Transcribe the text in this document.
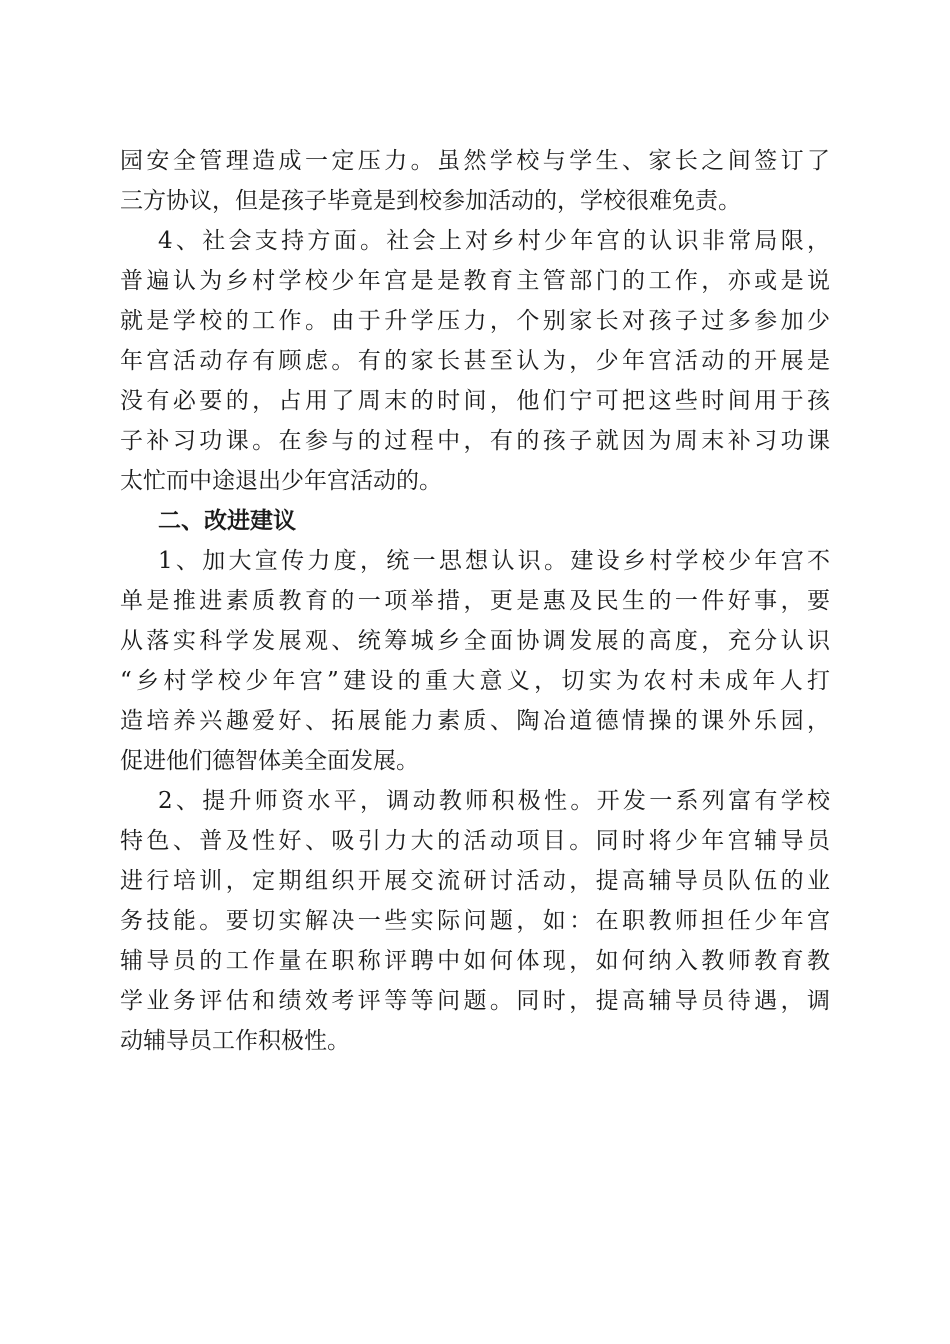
园安全管理造成一定压力。虽然学校与学生、家长之间签订了
三方协议，但是孩子毕竟是到校参加活动的，学校很难免责。
4、社会支持方面。社会上对乡村少年宫的认识非常局限，
普遍认为乡村学校少年宫是是教育主管部门的工作，亦或是说
就是学校的工作。由于升学压力，个别家长对孩子过多参加少
年宫活动存有顾虑。有的家长甚至认为，少年宫活动的开展是
没有必要的，占用了周末的时间，他们宁可把这些时间用于孩
子补习功课。在参与的过程中，有的孩子就因为周末补习功课
太忙而中途退出少年宫活动的。
二、改进建议
1、加大宣传力度，统一思想认识。建设乡村学校少年宫不
单是推进素质教育的一项举措，更是惠及民生的一件好事，要
从落实科学发展观、统筹城乡全面协调发展的高度，充分认识
“乡村学校少年宫”建设的重大意义，切实为农村未成年人打
造培养兴趣爱好、拓展能力素质、陶冶道德情操的课外乐园，
促进他们德智体美全面发展。
2、提升师资水平，调动教师积极性。开发一系列富有学校
特色、普及性好、吸引力大的活动项目。同时将少年宫辅导员
进行培训，定期组织开展交流研讨活动，提高辅导员队伍的业
务技能。要切实解决一些实际问题，如：在职教师担任少年宫
辅导员的工作量在职称评聘中如何体现，如何纳入教师教育教
学业务评估和绩效考评等等问题。同时，提高辅导员待遇，调
动辅导员工作积极性。
